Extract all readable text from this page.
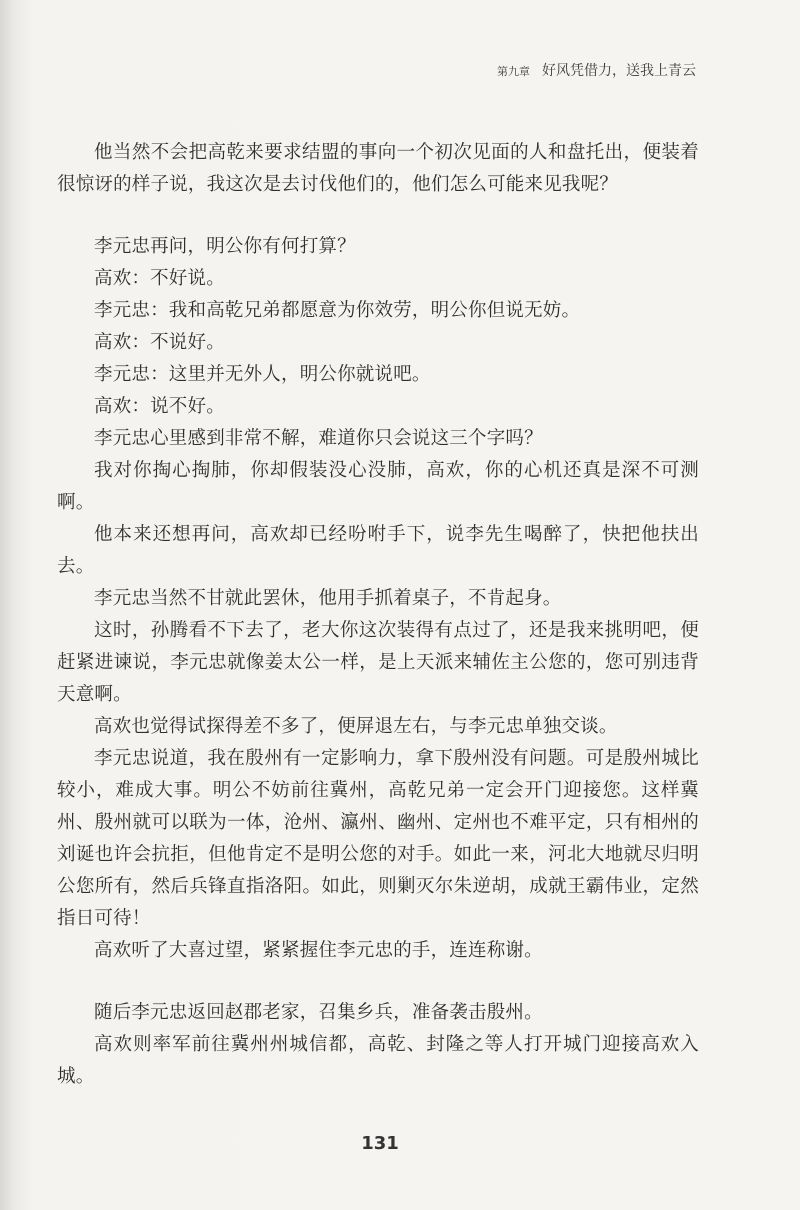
第九章 好风凭借力，送我上青云

他当然不会把高乾来要求结盟的事向一个初次见面的人和盘托出，便装着很惊讶的样子说，我这次是去讨伐他们的，他们怎么可能来见我呢？

李元忠再问，明公你有何打算？

高欢：不好说。

李元忠：我和高乾兄弟都愿意为你效劳，明公你但说无妨。

高欢：不说好。

李元忠：这里并无外人，明公你就说吧。

高欢：说不好。

李元忠心里感到非常不解，难道你只会说这三个字吗？

我对你掏心掏肺，你却假装没心没肺，高欢，你的心机还真是深不可测啊。

他本来还想再问，高欢却已经吩咐手下，说李先生喝醉了，快把他扶出去。

李元忠当然不甘就此罢休，他用手抓着桌子，不肯起身。

这时，孙腾看不下去了，老大你这次装得有点过了，还是我来挑明吧，便赶紧进谏说，李元忠就像姜太公一样，是上天派来辅佐主公您的，您可别违背天意啊。

高欢也觉得试探得差不多了，便屏退左右，与李元忠单独交谈。

李元忠说道，我在殷州有一定影响力，拿下殷州没有问题。可是殷州城比较小，难成大事。明公不妨前往冀州，高乾兄弟一定会开门迎接您。这样冀州、殷州就可以联为一体，沧州、瀛州、幽州、定州也不难平定，只有相州的刘诞也许会抗拒，但他肯定不是明公您的对手。如此一来，河北大地就尽归明公您所有，然后兵锋直指洛阳。如此，则剿灭尔朱逆胡，成就王霸伟业，定然指日可待！

高欢听了大喜过望，紧紧握住李元忠的手，连连称谢。

随后李元忠返回赵郡老家，召集乡兵，准备袭击殷州。

高欢则率军前往冀州州城信都，高乾、封隆之等人打开城门迎接高欢入城。

131
